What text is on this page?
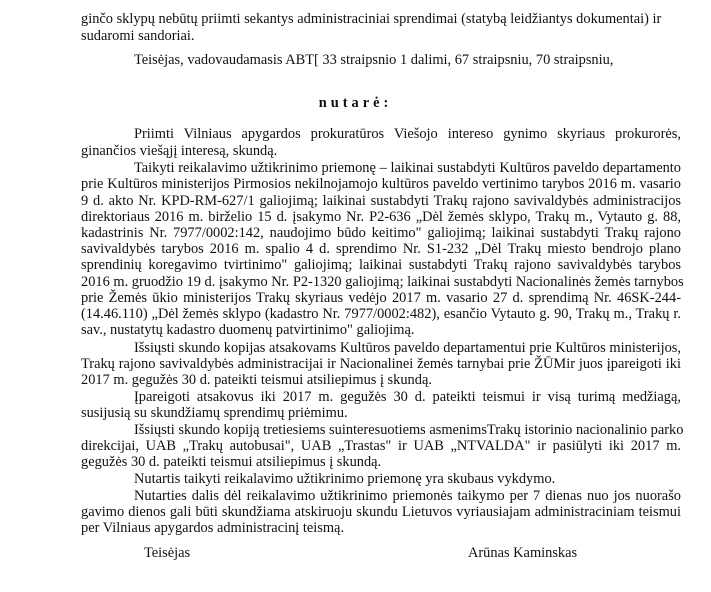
ginčo sklypų nebūtų priimti sekantys administraciniai sprendimai (statybą leidžiantys dokumentai) ir
sudaromi sandoriai.
Teisėjas, vadovaudamasis ABT[ 33 straipsnio 1 dalimi, 67 straipsniu, 70 straipsniu,
nutarė:
Priimti Vilniaus apygardos prokuratūros Viešojo intereso gynimo skyriaus prokurorės,
ginančios viešąjį interesą, skundą.
Taikyti reikalavimo užtikrinimo priemonę – laikinai sustabdyti Kultūros paveldo departamento
prie Kultūros ministerijos Pirmosios nekilnojamojo kultūros paveldo vertinimo tarybos 2016 m. vasario
9 d. akto Nr. KPD-RM-627/1 galiojimą; laikinai sustabdyti Trakų rajono savivaldybės administracijos
direktoriaus 2016 m. birželio 15 d. įsakymo Nr. P2-636 „Dėl žemės sklypo, Trakų m., Vytauto g. 88,
kadastrinis Nr. 7977/0002:142, naudojimo būdo keitimo" galiojimą; laikinai sustabdyti Trakų rajono
savivaldybės tarybos 2016 m. spalio 4 d. sprendimo Nr. S1-232 „Dėl Trakų miesto bendrojo plano
sprendinių koregavimo tvirtinimo" galiojimą; laikinai sustabdyti Trakų rajono savivaldybės tarybos
2016 m. gruodžio 19 d. įsakymo Nr. P2-1320 galiojimą; laikinai sustabdyti Nacionalinės žemės tarnybos
prie Žemės ūkio ministerijos Trakų skyriaus vedėjo 2017 m. vasario 27 d. sprendimą Nr. 46SK-244-
(14.46.110) „Dėl žemės sklypo (kadastro Nr. 7977/0002:482), esančio Vytauto g. 90, Trakų m., Trakų r.
sav., nustatytų kadastro duomenų patvirtinimo" galiojimą.
Išsiųsti skundo kopijas atsakovams Kultūros paveldo departamentui prie Kultūros ministerijos,
Trakų rajono savivaldybės administracijai ir Nacionalinei žemės tarnybai prie ŽŪMir juos įpareigoti iki
2017 m. gegužės 30 d. pateikti teismui atsiliepimus į skundą.
Įpareigoti atsakovus iki 2017 m. gegužės 30 d. pateikti teismui ir visą turimą medžiagą,
susijusią su skundžiamų sprendimų priėmimu.
Išsiųsti skundo kopiją tretiesiems suinteresuotiems asmenimsTrakų istorinio nacionalinio parko
direkcijai, UAB „Trakų autobusai", UAB „Trastas" ir UAB „NTVALDA" ir pasiūlyti iki 2017 m.
gegužės 30 d. pateikti teismui atsiliepimus į skundą.
Nutartis taikyti reikalavimo užtikrinimo priemonę yra skubaus vykdymo.
Nutarties dalis dėl reikalavimo užtikrinimo priemonės taikymo per 7 dienas nuo jos nuorašo
gavimo dienos gali būti skundžiama atskiruoju skundu Lietuvos vyriausiajam administraciniam teismui
per Vilniaus apygardos administracinį teismą.
Teisėjas	Arūnas Kaminskas
